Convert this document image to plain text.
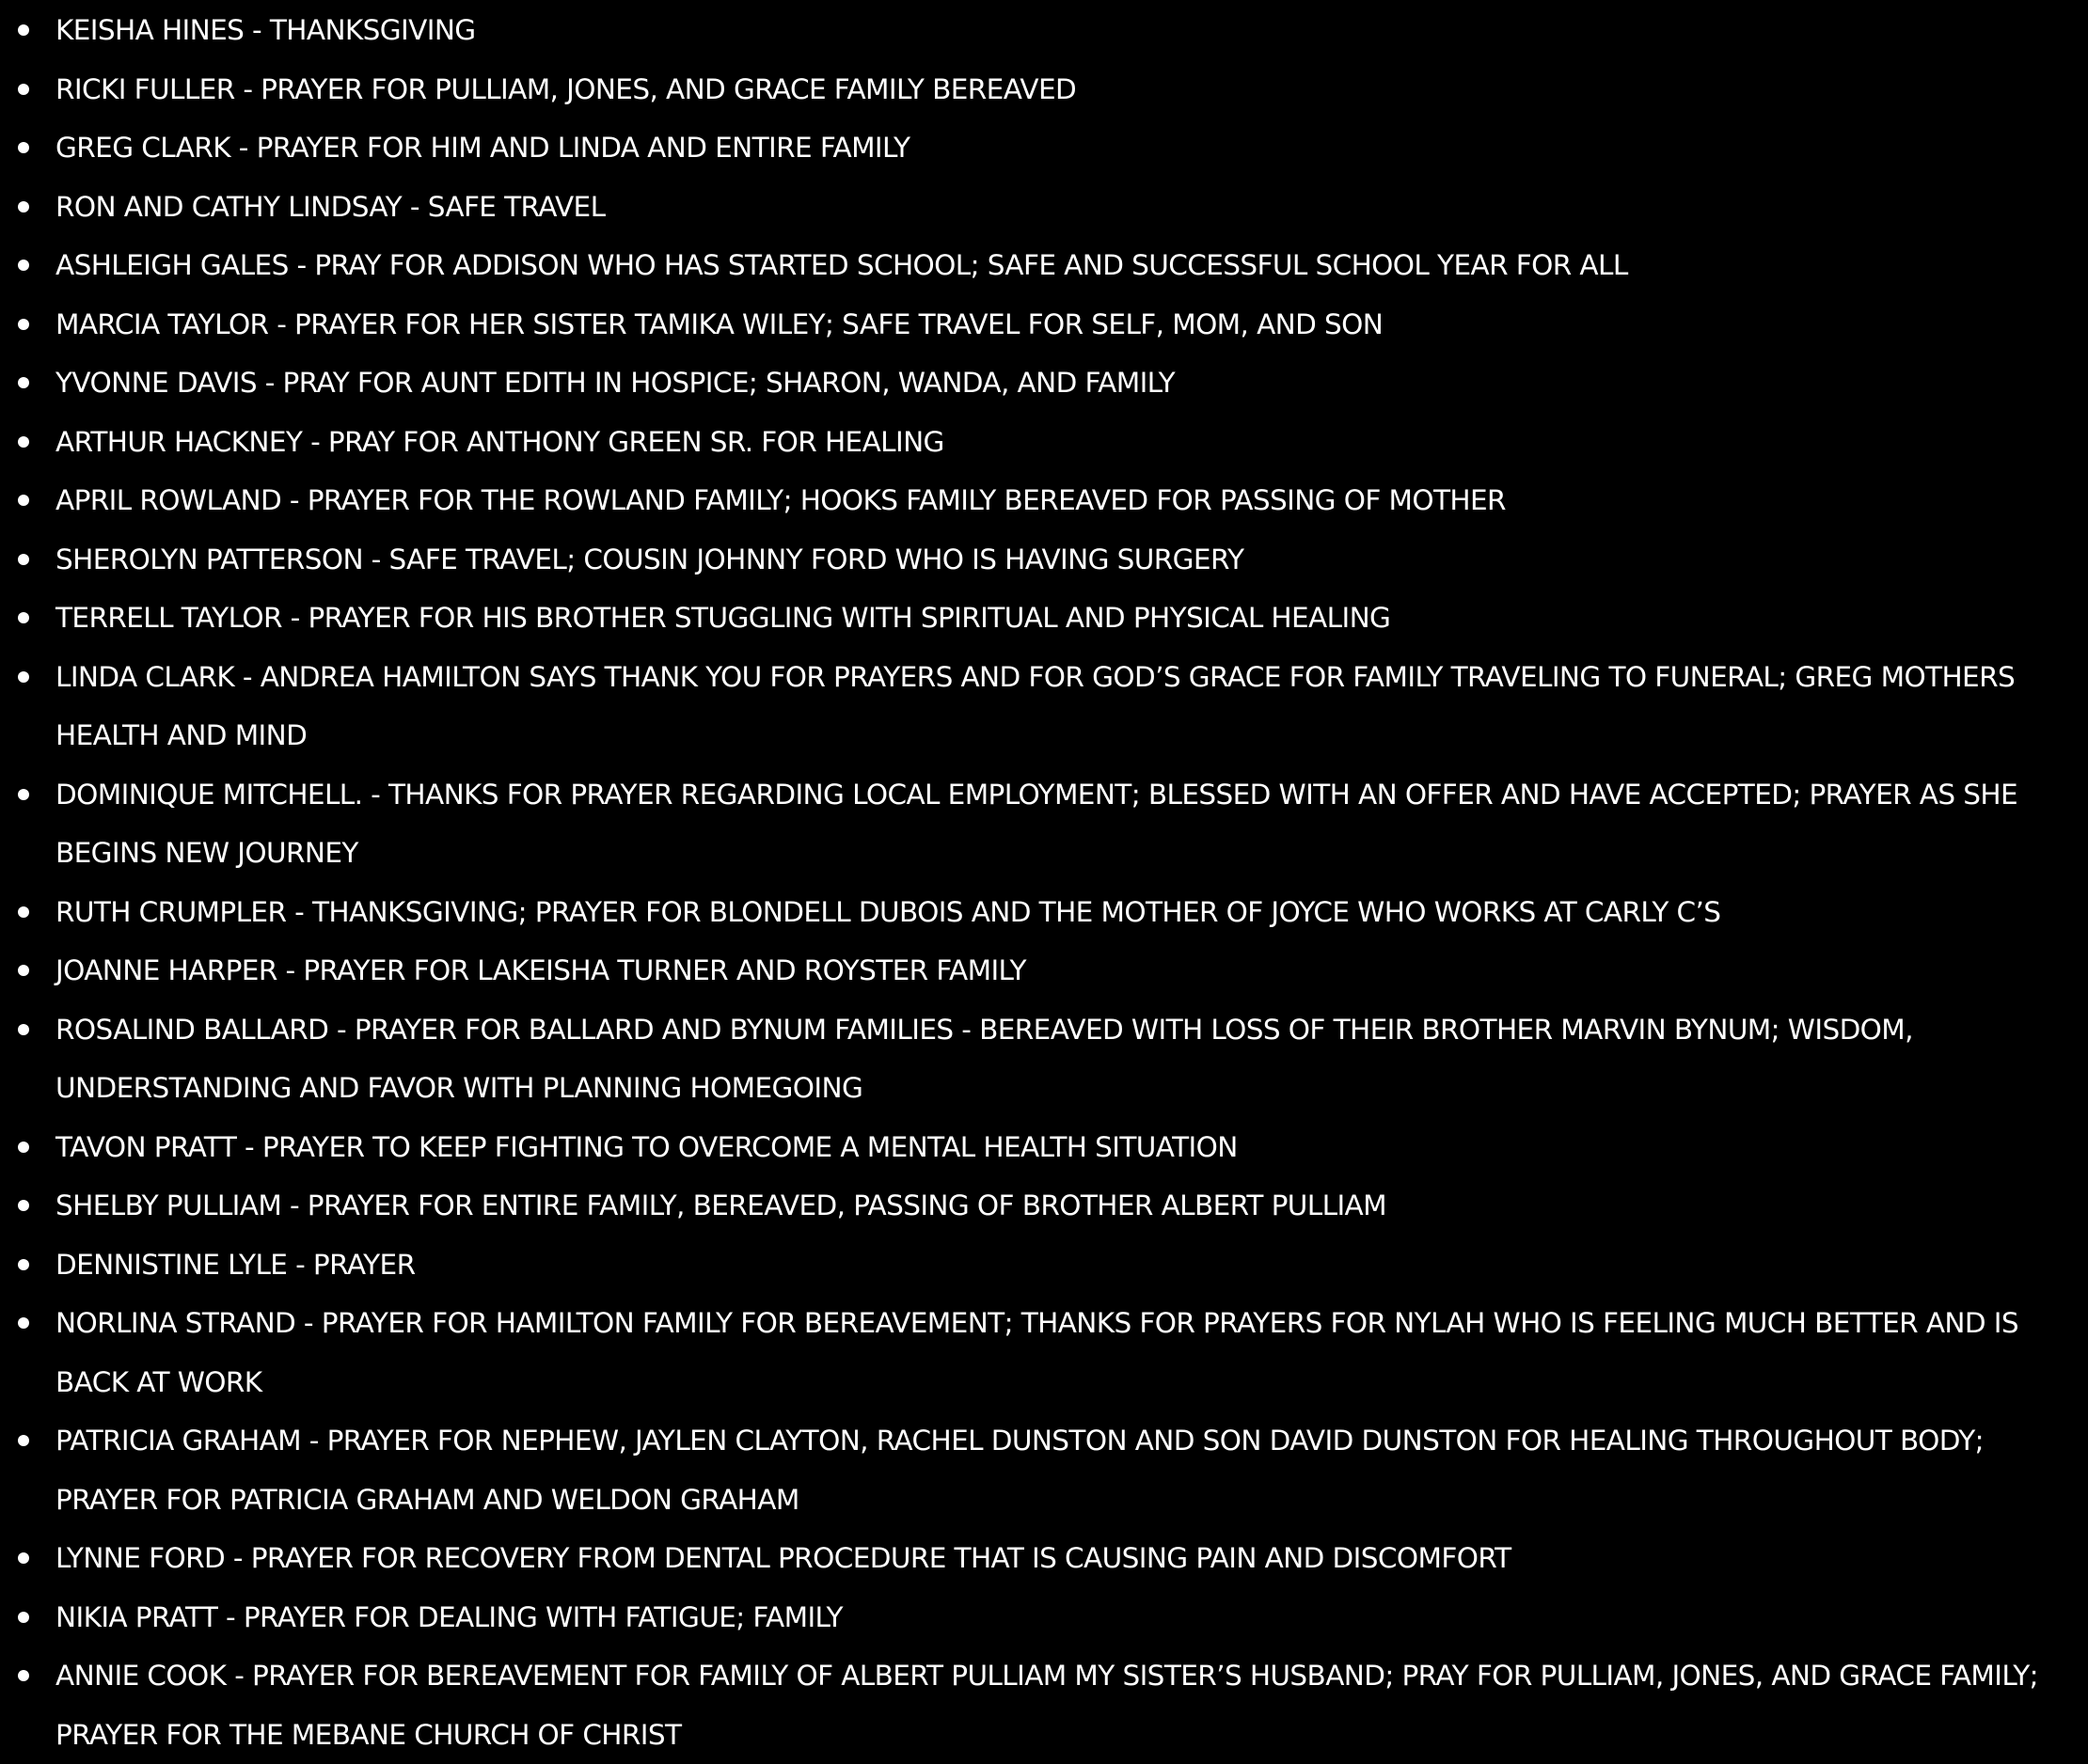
KEISHA HINES - THANKSGIVING
RICKI FULLER - PRAYER FOR PULLIAM, JONES, AND GRACE FAMILY BEREAVED
GREG CLARK - PRAYER FOR HIM AND LINDA AND ENTIRE FAMILY
RON AND CATHY LINDSAY - SAFE TRAVEL
ASHLEIGH GALES - PRAY FOR ADDISON WHO HAS STARTED SCHOOL; SAFE AND SUCCESSFUL SCHOOL YEAR FOR ALL
MARCIA TAYLOR - PRAYER FOR HER SISTER TAMIKA WILEY; SAFE TRAVEL FOR SELF, MOM, AND SON
YVONNE DAVIS - PRAY FOR AUNT EDITH IN HOSPICE; SHARON, WANDA, AND FAMILY
ARTHUR HACKNEY - PRAY FOR ANTHONY GREEN SR. FOR HEALING
APRIL ROWLAND - PRAYER FOR THE ROWLAND FAMILY; HOOKS FAMILY BEREAVED FOR PASSING OF MOTHER
SHEROLYN PATTERSON - SAFE TRAVEL; COUSIN JOHNNY FORD WHO IS HAVING SURGERY
TERRELL TAYLOR - PRAYER FOR HIS BROTHER STUGGLING WITH SPIRITUAL AND PHYSICAL HEALING
LINDA CLARK - ANDREA HAMILTON SAYS THANK YOU FOR PRAYERS AND FOR GOD’S GRACE FOR FAMILY TRAVELING TO FUNERAL; GREG MOTHERS HEALTH AND MIND
DOMINIQUE MITCHELL. - THANKS FOR PRAYER REGARDING LOCAL EMPLOYMENT; BLESSED WITH AN OFFER AND HAVE ACCEPTED; PRAYER AS SHE BEGINS NEW JOURNEY
RUTH CRUMPLER - THANKSGIVING; PRAYER FOR BLONDELL DUBOIS AND THE MOTHER OF JOYCE WHO WORKS AT CARLY C’S
JOANNE HARPER - PRAYER FOR LAKEISHA TURNER AND ROYSTER FAMILY
ROSALIND BALLARD - PRAYER FOR BALLARD AND BYNUM FAMILIES - BEREAVED WITH LOSS OF THEIR BROTHER MARVIN BYNUM; WISDOM, UNDERSTANDING AND FAVOR WITH PLANNING HOMEGOING
TAVON PRATT - PRAYER TO KEEP FIGHTING TO OVERCOME A MENTAL HEALTH SITUATION
SHELBY PULLIAM - PRAYER FOR ENTIRE FAMILY, BEREAVED, PASSING OF BROTHER ALBERT PULLIAM
DENNISTINE LYLE - PRAYER
NORLINA STRAND - PRAYER FOR HAMILTON FAMILY FOR BEREAVEMENT; THANKS FOR PRAYERS FOR NYLAH WHO IS FEELING MUCH BETTER AND IS BACK AT WORK
PATRICIA GRAHAM - PRAYER FOR NEPHEW, JAYLEN CLAYTON, RACHEL DUNSTON AND SON DAVID DUNSTON FOR HEALING THROUGHOUT BODY; PRAYER FOR PATRICIA GRAHAM AND WELDON GRAHAM
LYNNE FORD - PRAYER FOR RECOVERY FROM DENTAL PROCEDURE THAT IS CAUSING PAIN AND DISCOMFORT
NIKIA PRATT - PRAYER FOR DEALING WITH FATIGUE; FAMILY
ANNIE COOK - PRAYER FOR BEREAVEMENT FOR FAMILY OF ALBERT PULLIAM MY SISTER’S HUSBAND; PRAY FOR PULLIAM, JONES, AND GRACE FAMILY; PRAYER FOR THE MEBANE CHURCH OF CHRIST
